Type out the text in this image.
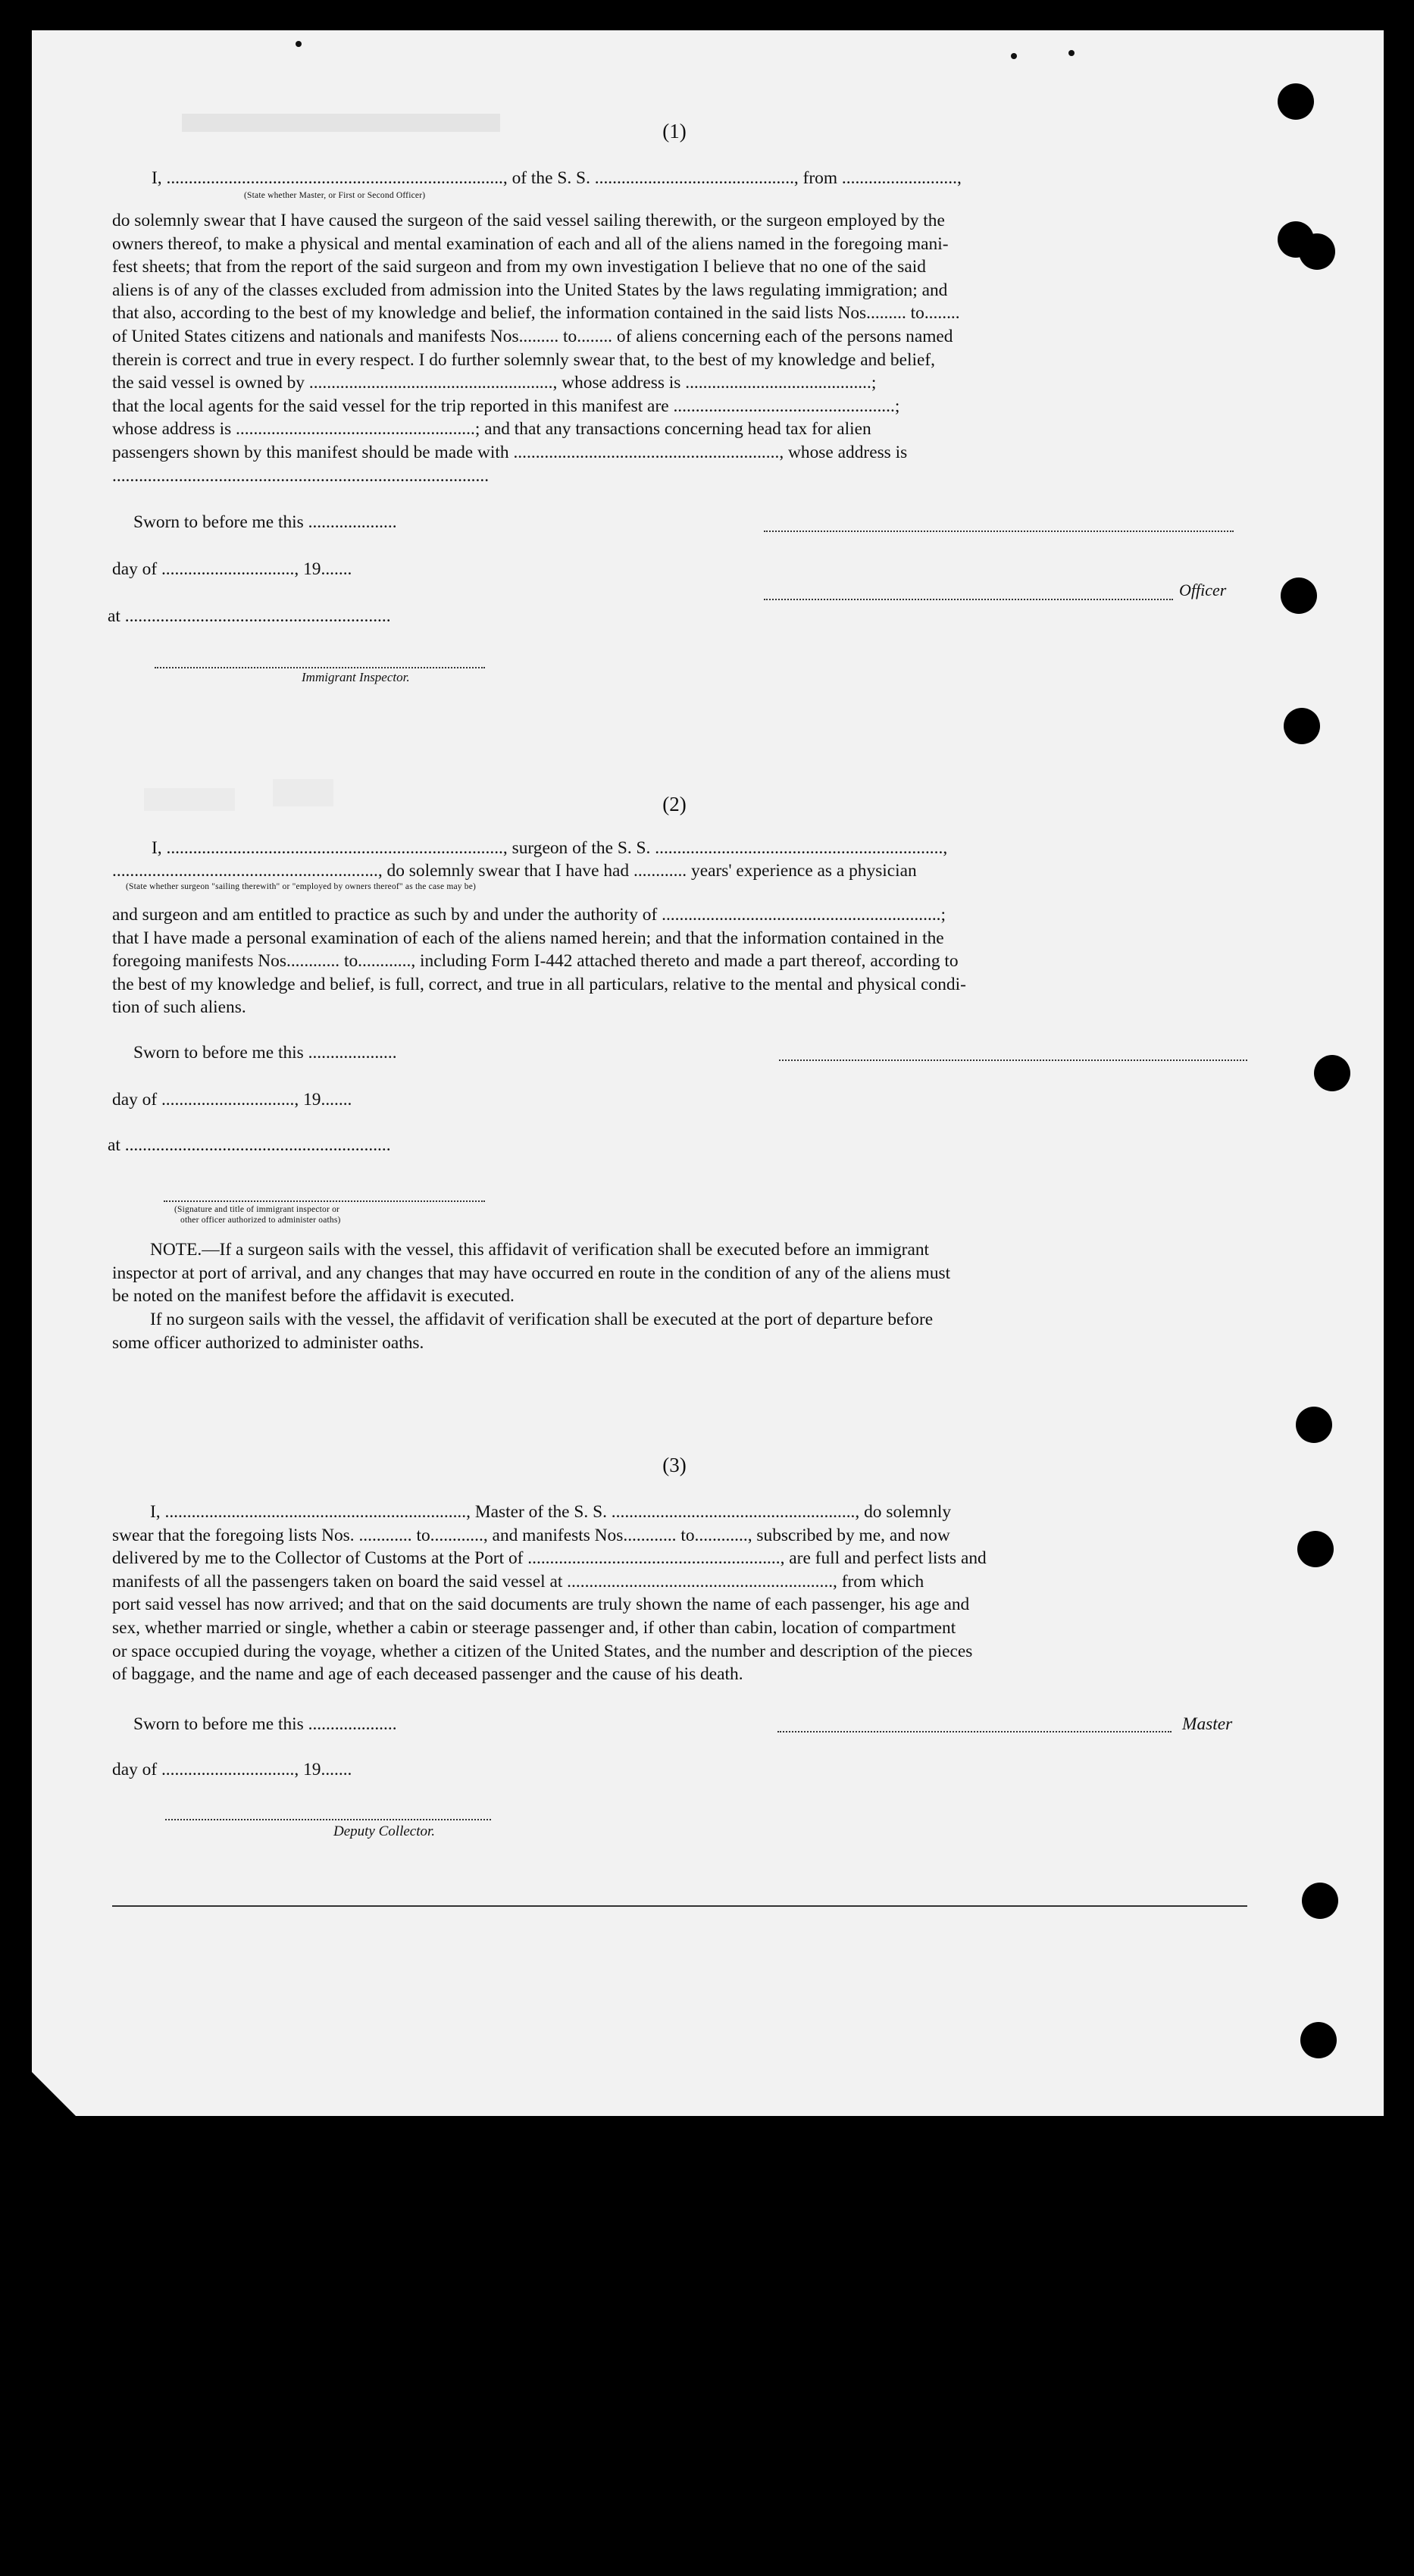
(1)
I, ............................................................................, of the S. S. ............................................., from ..........................,
(State whether Master, or First or Second Officer)
do solemnly swear that I have caused the surgeon of the said vessel sailing therewith, or the surgeon employed by the
owners thereof, to make a physical and mental examination of each and all of the aliens named in the foregoing mani-
fest sheets; that from the report of the said surgeon and from my own investigation I believe that no one of the said
aliens is of any of the classes excluded from admission into the United States by the laws regulating immigration; and
that also, according to the best of my knowledge and belief, the information contained in the said lists Nos......... to........
of United States citizens and nationals and manifests Nos......... to........ of aliens concerning each of the persons named
therein is correct and true in every respect. I do further solemnly swear that, to the best of my knowledge and belief,
the said vessel is owned by ......................................................., whose address is ..........................................;
that the local agents for the said vessel for the trip reported in this manifest are ..................................................;
whose address is ......................................................; and that any transactions concerning head tax for alien
passengers shown by this manifest should be made with ............................................................, whose address is
.....................................................................................
Sworn to before me this ....................
day of .............................., 19.......
Officer
at ............................................................
Immigrant Inspector.
(2)
I, ............................................................................, surgeon of the S. S. .................................................................,
............................................................, do solemnly swear that I have had ............ years' experience as a physician
(State whether surgeon "sailing therewith" or "employed by owners thereof" as the case may be)
and surgeon and am entitled to practice as such by and under the authority of ...............................................................;
that I have made a personal examination of each of the aliens named herein; and that the information contained in the
foregoing manifests Nos............ to............, including Form I-442 attached thereto and made a part thereof, according to
the best of my knowledge and belief, is full, correct, and true in all particulars, relative to the mental and physical condi-
tion of such aliens.
Sworn to before me this ....................
day of .............................., 19.......
at ............................................................
(Signature and title of immigrant inspector or
other officer authorized to administer oaths)
NOTE.—If a surgeon sails with the vessel, this affidavit of verification shall be executed before an immigrant
inspector at port of arrival, and any changes that may have occurred en route in the condition of any of the aliens must
be noted on the manifest before the affidavit is executed.
If no surgeon sails with the vessel, the affidavit of verification shall be executed at the port of departure before
some officer authorized to administer oaths.
(3)
I, ...................................................................., Master of the S. S. ......................................................., do solemnly
swear that the foregoing lists Nos. ............ to............, and manifests Nos............ to............, subscribed by me, and now
delivered by me to the Collector of Customs at the Port of ........................................................., are full and perfect lists and
manifests of all the passengers taken on board the said vessel at ............................................................, from which
port said vessel has now arrived; and that on the said documents are truly shown the name of each passenger, his age and
sex, whether married or single, whether a cabin or steerage passenger and, if other than cabin, location of compartment
or space occupied during the voyage, whether a citizen of the United States, and the number and description of the pieces
of baggage, and the name and age of each deceased passenger and the cause of his death.
Sworn to before me this ....................	Master
day of .............................., 19.......
Deputy Collector.
